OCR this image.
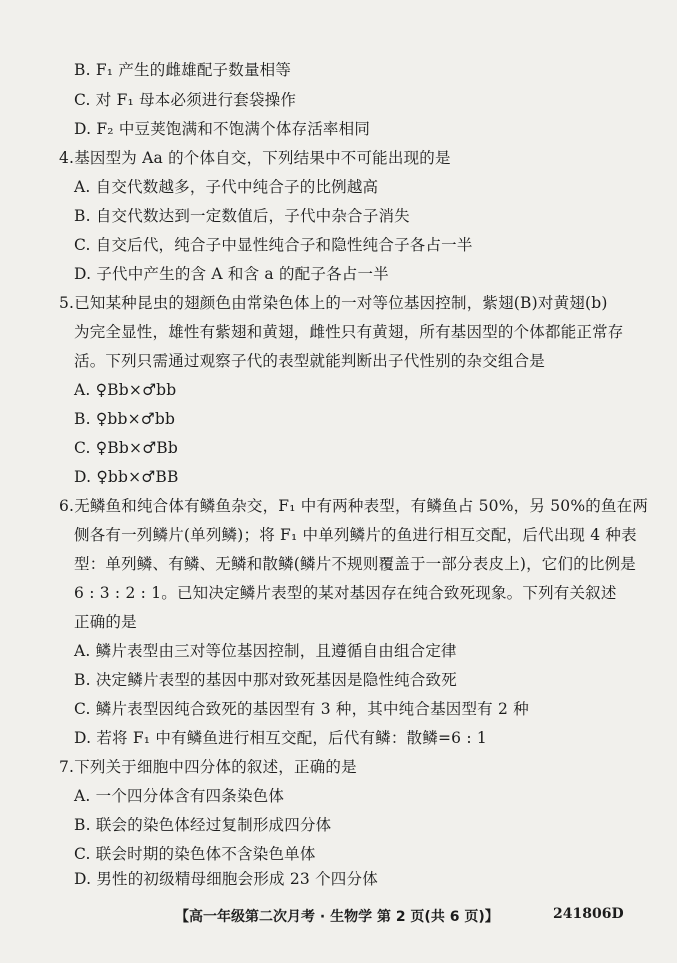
B. F₁ 产生的雌雄配子数量相等
C. 对 F₁ 母本必须进行套袋操作
D. F₂ 中豆荚饱满和不饱满个体存活率相同
4.基因型为 Aa 的个体自交，下列结果中不可能出现的是
A. 自交代数越多，子代中纯合子的比例越高
B. 自交代数达到一定数值后，子代中杂合子消失
C. 自交后代，纯合子中显性纯合子和隐性纯合子各占一半
D. 子代中产生的含 A 和含 a 的配子各占一半
5.已知某种昆虫的翅颜色由常染色体上的一对等位基因控制，紫翅(B)对黄翅(b)
为完全显性，雄性有紫翅和黄翅，雌性只有黄翅，所有基因型的个体都能正常存
活。下列只需通过观察子代的表型就能判断出子代性别的杂交组合是
A. ♀Bb×♂bb
B. ♀bb×♂bb
C. ♀Bb×♂Bb
D. ♀bb×♂BB
6.无鳞鱼和纯合体有鳞鱼杂交，F₁ 中有两种表型，有鳞鱼占 50%，另 50%的鱼在两
侧各有一列鳞片(单列鳞)；将 F₁ 中单列鳞片的鱼进行相互交配，后代出现 4 种表
型：单列鳞、有鳞、无鳞和散鳞(鳞片不规则覆盖于一部分表皮上)，它们的比例是
6 : 3 : 2 : 1。已知决定鳞片表型的某对基因存在纯合致死现象。下列有关叙述
正确的是
A. 鳞片表型由三对等位基因控制，且遵循自由组合定律
B. 决定鳞片表型的基因中那对致死基因是隐性纯合致死
C. 鳞片表型因纯合致死的基因型有 3 种，其中纯合基因型有 2 种
D. 若将 F₁ 中有鳞鱼进行相互交配，后代有鳞：散鳞=6 : 1
7.下列关于细胞中四分体的叙述，正确的是
A. 一个四分体含有四条染色体
B. 联会的染色体经过复制形成四分体
C. 联会时期的染色体不含染色单体
D. 男性的初级精母细胞会形成 23 个四分体
【高一年级第二次月考 · 生物学 第 2 页(共 6 页)】	241806D
